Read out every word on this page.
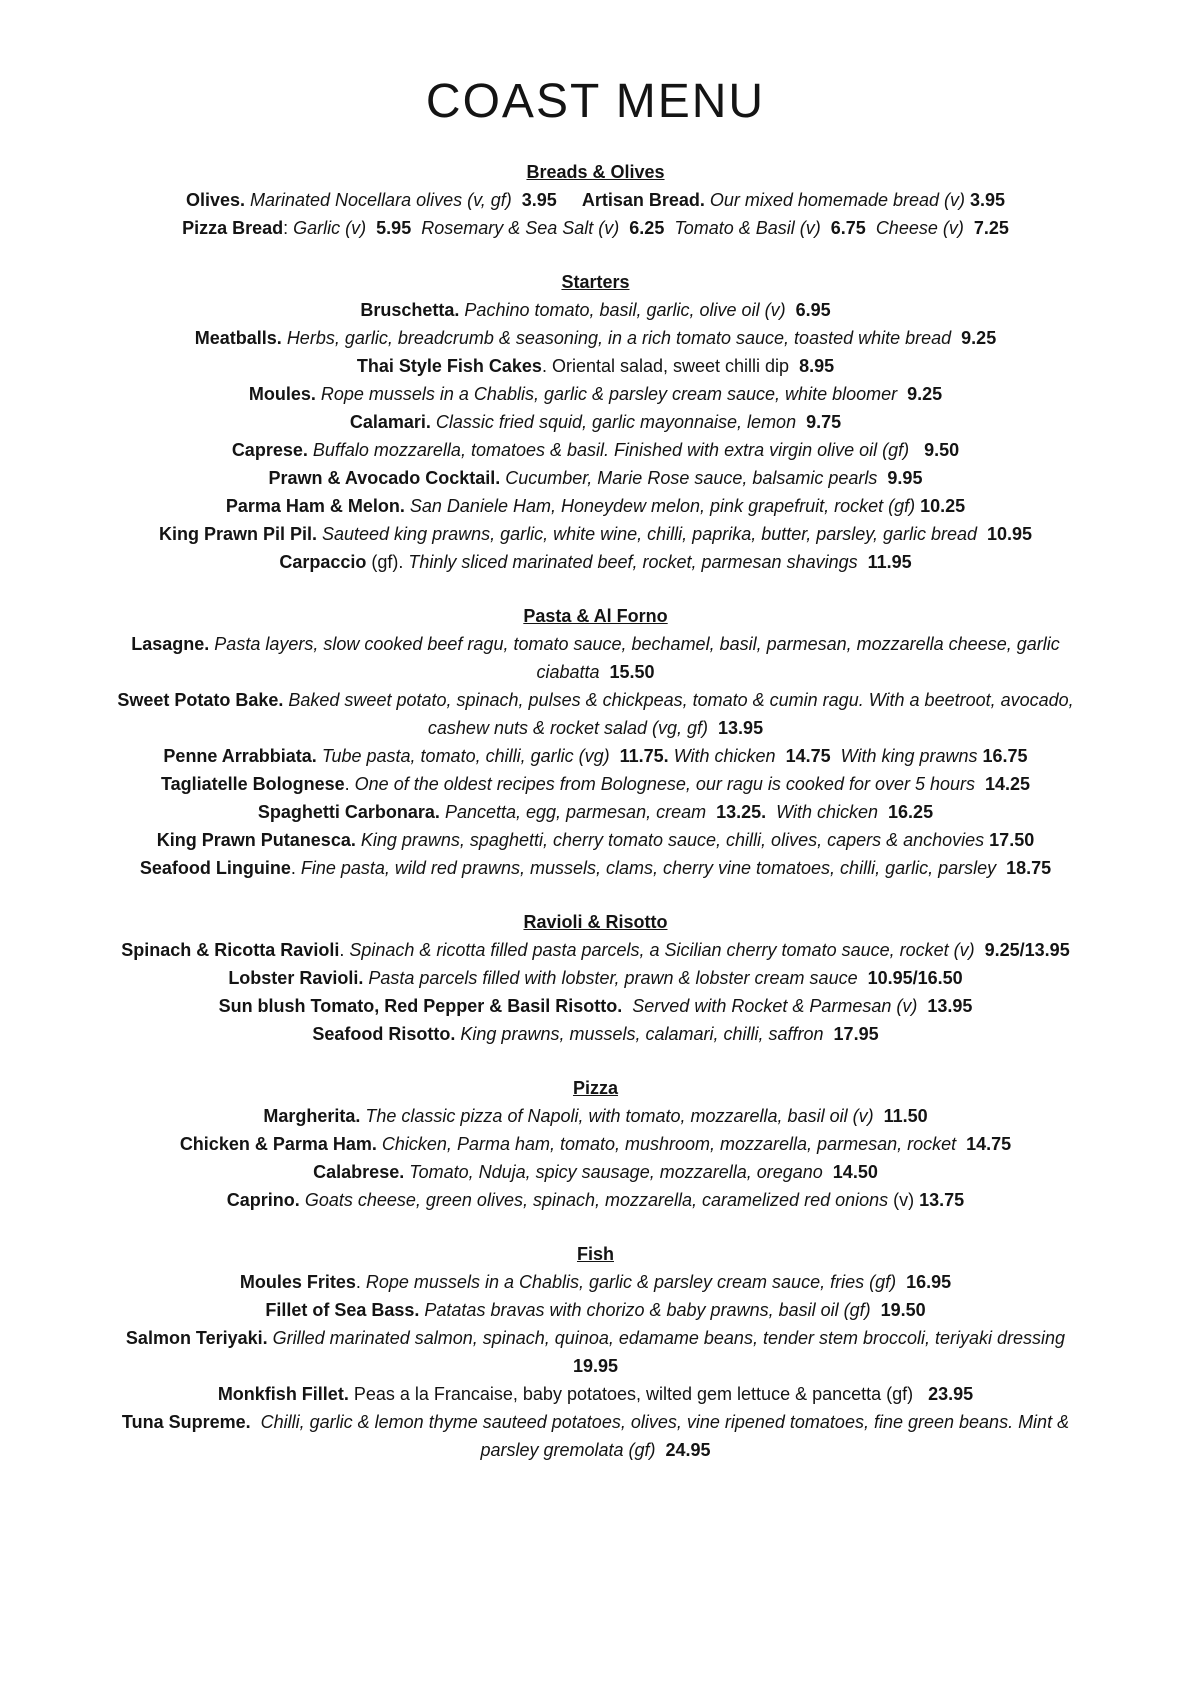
COAST MENU
Breads & Olives

Olives. Marinated Nocellara olives (v, gf)  3.95 Artisan Bread. Our mixed homemade bread (v) 3.95

Pizza Bread: Garlic (v)  5.95 Rosemary & Sea Salt (v)  6.25 Tomato & Basil (v)  6.75 Cheese (v)  7.25

Starters

Bruschetta. Pachino tomato, basil, garlic, olive oil (v)  6.95

Meatballs. Herbs, garlic, breadcrumb & seasoning, in a rich tomato sauce, toasted white bread  9.25

Thai Style Fish Cakes. Oriental salad, sweet chilli dip  8.95

Moules. Rope mussels in a Chablis, garlic & parsley cream sauce, white bloomer  9.25

Calamari. Classic fried squid, garlic mayonnaise, lemon  9.75

Caprese. Buffalo mozzarella, tomatoes & basil. Finished with extra virgin olive oil (gf)   9.50

Prawn & Avocado Cocktail. Cucumber, Marie Rose sauce, balsamic pearls  9.95

Parma Ham & Melon. San Daniele Ham, Honeydew melon, pink grapefruit, rocket (gf) 10.25

King Prawn Pil Pil. Sauteed king prawns, garlic, white wine, chilli, paprika, butter, parsley, garlic bread  10.95

Carpaccio (gf). Thinly sliced marinated beef, rocket, parmesan shavings  11.95

Pasta & Al Forno

Lasagne. Pasta layers, slow cooked beef ragu, tomato sauce, bechamel, basil, parmesan, mozzarella cheese, garlic ciabatta  15.50

Sweet Potato Bake. Baked sweet potato, spinach, pulses & chickpeas, tomato & cumin ragu. With a beetroot, avocado, cashew nuts & rocket salad (vg, gf)  13.95

Penne Arrabbiata. Tube pasta, tomato, chilli, garlic (vg)  11.75. With chicken  14.75 With king prawns 16.75

Tagliatelle Bolognese. One of the oldest recipes from Bolognese, our ragu is cooked for over 5 hours  14.25

Spaghetti Carbonara. Pancetta, egg, parmesan, cream  13.25. With chicken  16.25

King Prawn Putanesca. King prawns, spaghetti, cherry tomato sauce, chilli, olives, capers & anchovies 17.50

Seafood Linguine. Fine pasta, wild red prawns, mussels, clams, cherry vine tomatoes, chilli, garlic, parsley  18.75

Ravioli & Risotto

Spinach & Ricotta Ravioli. Spinach & ricotta filled pasta parcels, a Sicilian cherry tomato sauce, rocket (v)  9.25/13.95

Lobster Ravioli. Pasta parcels filled with lobster, prawn & lobster cream sauce  10.95/16.50

Sun blush Tomato, Red Pepper & Basil Risotto. Served with Rocket & Parmesan (v)  13.95

Seafood Risotto. King prawns, mussels, calamari, chilli, saffron  17.95

Pizza

Margherita. The classic pizza of Napoli, with tomato, mozzarella, basil oil (v)  11.50

Chicken & Parma Ham. Chicken, Parma ham, tomato, mushroom, mozzarella, parmesan, rocket  14.75

Calabrese. Tomato, Nduja, spicy sausage, mozzarella, oregano  14.50

Caprino. Goats cheese, green olives, spinach, mozzarella, caramelized red onions (v) 13.75

Fish

Moules Frites. Rope mussels in a Chablis, garlic & parsley cream sauce, fries (gf)  16.95

Fillet of Sea Bass. Patatas bravas with chorizo & baby prawns, basil oil (gf)  19.50

Salmon Teriyaki. Grilled marinated salmon, spinach, quinoa, edamame beans, tender stem broccoli, teriyaki dressing  19.95

Monkfish Fillet. Peas a la Francaise, baby potatoes, wilted gem lettuce & pancetta (gf)   23.95

Tuna Supreme. Chilli, garlic & lemon thyme sauteed potatoes, olives, vine ripened tomatoes, fine green beans. Mint & parsley gremolata (gf)  24.95
